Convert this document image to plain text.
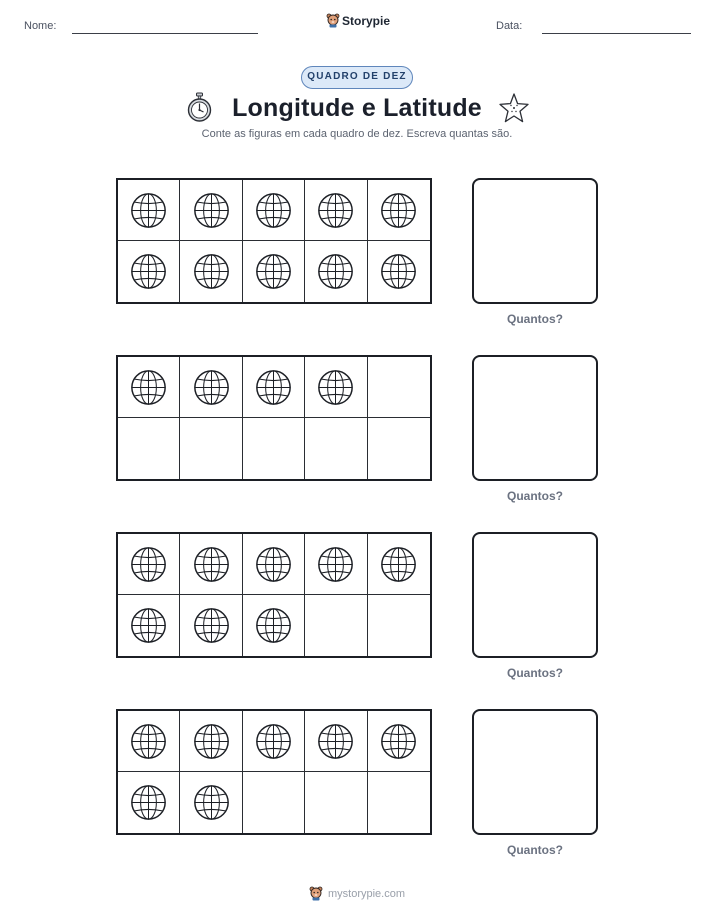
Nome:	Storypie	Data:
QUADRO DE DEZ
Longitude e Latitude
Conte as figuras em cada quadro de dez. Escreva quantas são.
Quantos?
Quantos?
Quantos?
Quantos?
mystorypie.com
